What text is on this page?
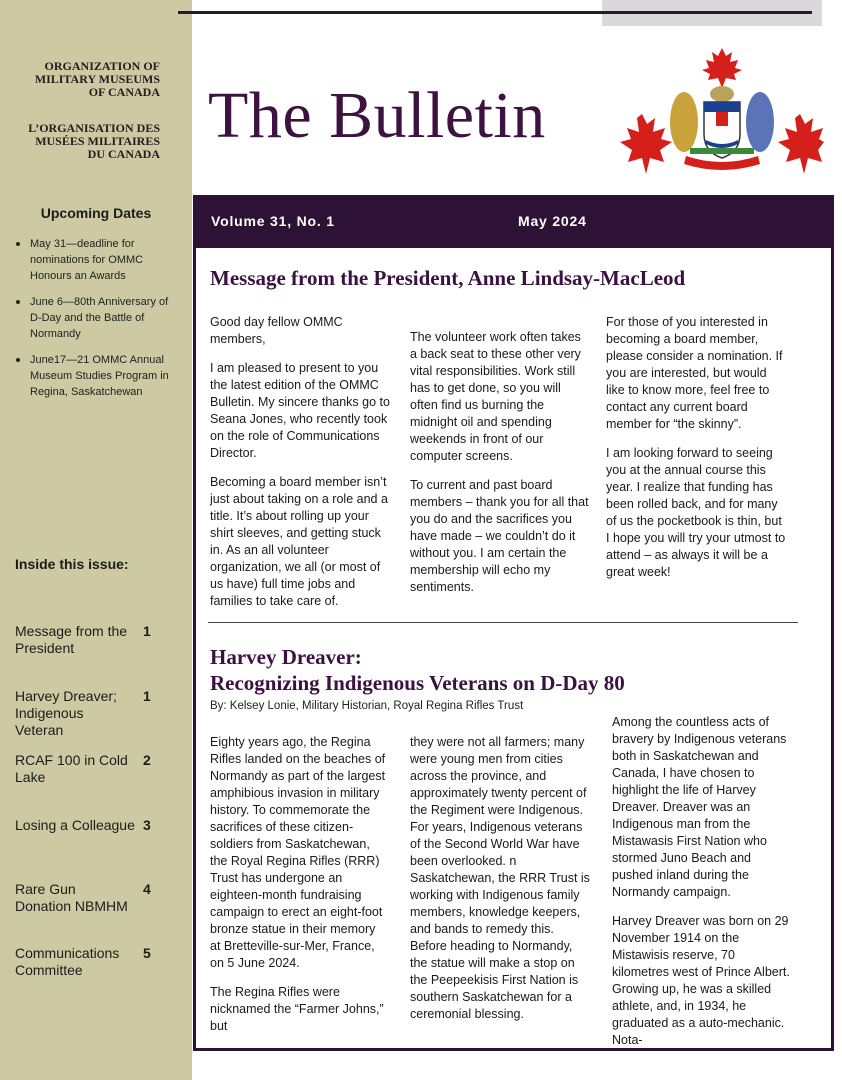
ORGANIZATION OF
MILITARY MUSEUMS
OF CANADA
L’ORGANISATION DES
MUSÉES MILITAIRES
DU CANADA
Upcoming Dates
May 31—deadline for nominations for OMMC Honours an Awards
June 6—80th Anniversary of D-Day and the Battle of Normandy
June17—21 OMMC Annual Museum Studies Program in Regina, Saskatchewan
Inside this issue:
Message from the President
1
Harvey Dreaver; Indigenous Veteran
1
RCAF 100 in Cold Lake
2
Losing a Colleague 3
Rare Gun Donation NBMHM
4
Communications Committee
5
The Bulletin
Volume 31, No. 1	May 2024
Message from the President, Anne Lindsay-MacLeod

Good day fellow OMMC members,

I am pleased to present to you the latest edition of the OMMC Bulletin. My sincere thanks go to Seana Jones, who recently took on the role of Communications Director.

Becoming a board member isn’t just about taking on a role and a title. It’s about rolling up your shirt sleeves, and getting stuck in. As an all volunteer organization, we all (or most of us have) full time jobs and families to take care of.

The volunteer work often takes a back seat to these other very vital responsibilities. Work still has to get done, so you will often find us burning the midnight oil and spending weekends in front of our computer screens.

To current and past board members – thank you for all that you do and the sacrifices you have made – we couldn’t do it without you. I am certain the membership will echo my sentiments.

For those of you interested in becoming a board member, please consider a nomination. If you are interested, but would like to know more, feel free to contact any current board member for “the skinny”.

I am looking forward to seeing you at the annual course this year. I realize that funding has been rolled back, and for many of us the pocketbook is thin, but I hope you will try your utmost to attend – as always it will be a great week!

Harvey Dreaver:
Recognizing Indigenous Veterans on D-Day 80
By: Kelsey Lonie, Military Historian, Royal Regina Rifles Trust

Eighty years ago, the Regina Rifles landed on the beaches of Normandy as part of the largest amphibious invasion in military history. To commemorate the sacrifices of these citizen-soldiers from Saskatchewan, the Royal Regina Rifles (RRR) Trust has undergone an eighteen-month fundraising campaign to erect an eight-foot bronze statue in their memory at Bretteville-sur-Mer, France, on 5 June 2024.

The Regina Rifles were nicknamed the “Farmer Johns,” but

they were not all farmers; many were young men from cities across the province, and approximately twenty percent of the Regiment were Indigenous. For years, Indigenous veterans of the Second World War have been overlooked. n Saskatchewan, the RRR Trust is working with Indigenous family members, knowledge keepers, and bands to remedy this. Before heading to Normandy, the statue will make a stop on the Peepeekisis First Nation is southern Saskatchewan for a ceremonial blessing.

Among the countless acts of bravery by Indigenous veterans both in Saskatchewan and Canada, I have chosen to highlight the life of Harvey Dreaver. Dreaver was an Indigenous man from the Mistawasis First Nation who stormed Juno Beach and pushed inland during the Normandy campaign.

Harvey Dreaver was born on 29 November 1914 on the Mistawisis reserve, 70 kilometres west of Prince Albert. Growing up, he was a skilled athlete, and, in 1934, he graduated as a auto-mechanic. Nota-
